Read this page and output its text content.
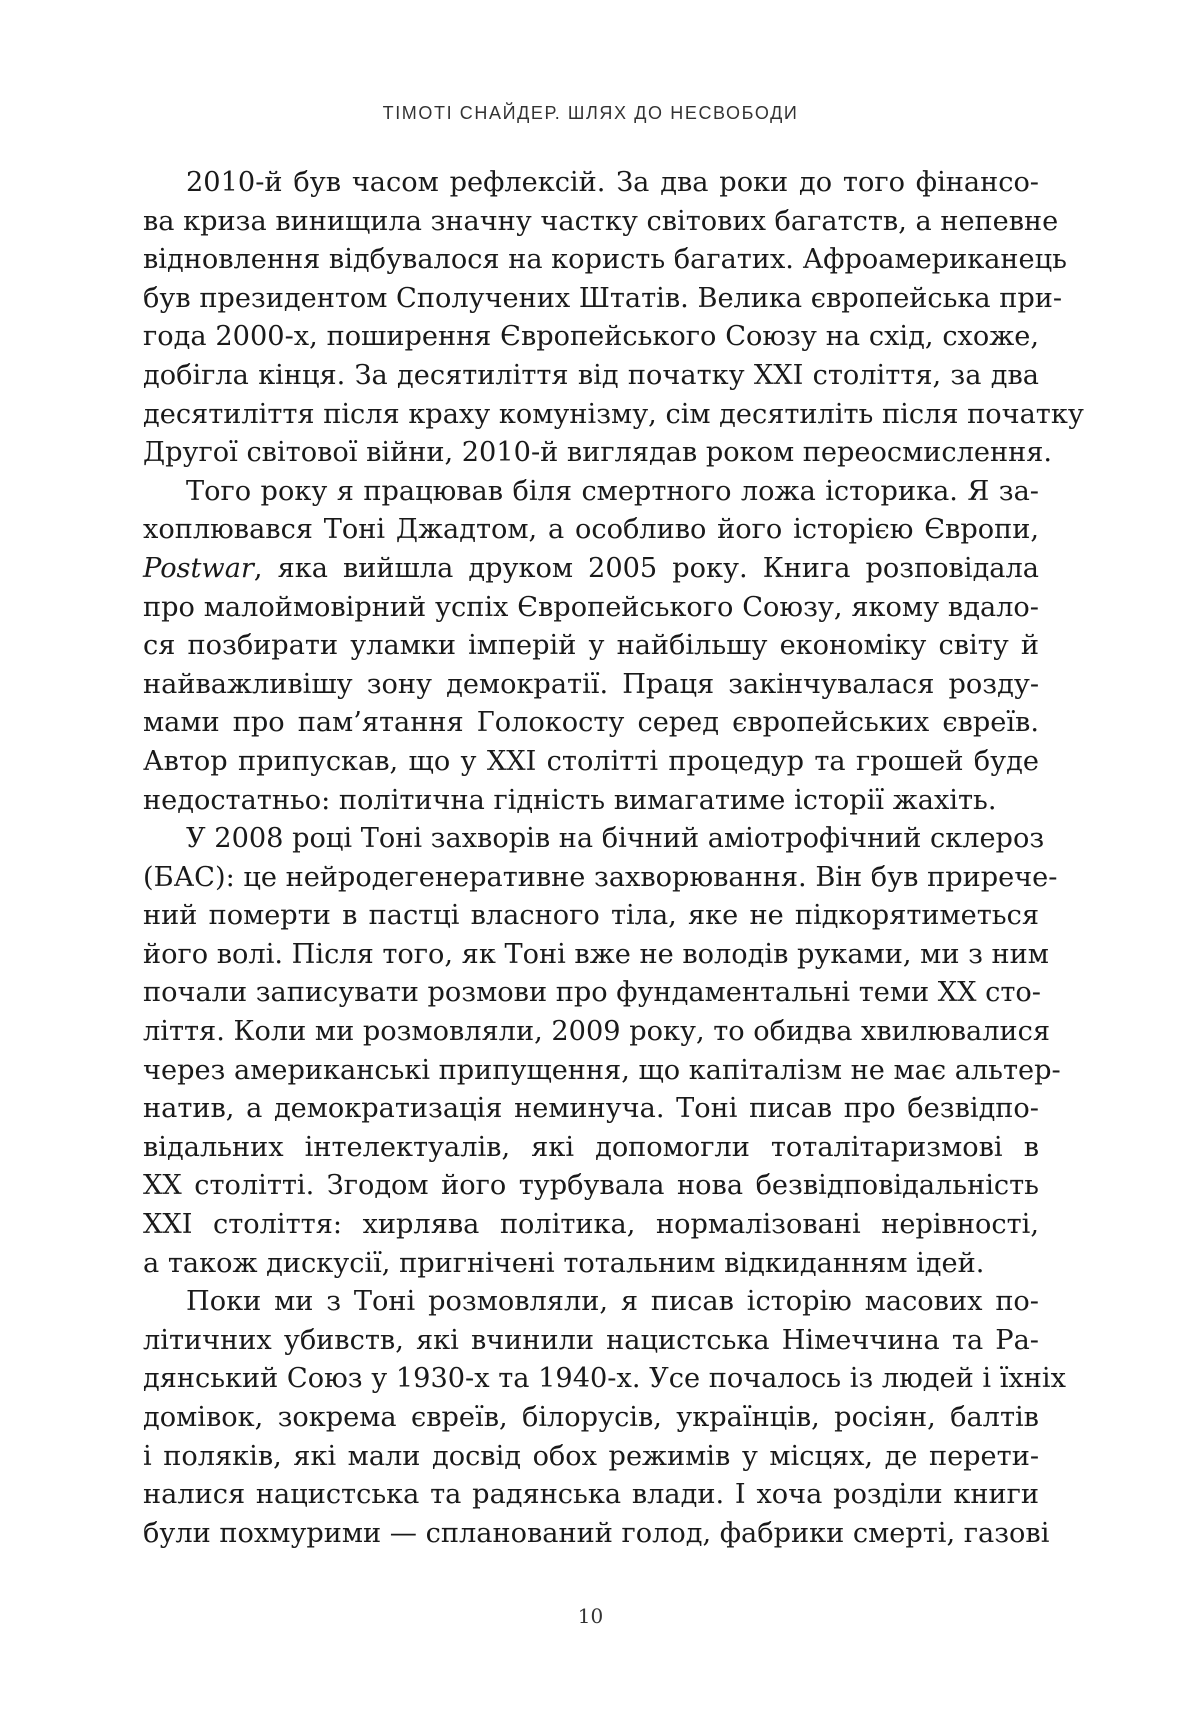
ТІМОТІ СНАЙДЕР. ШЛЯХ ДО НЕСВОБОДИ
2010-й був часом рефлексій. За два роки до того фінансо-
ва криза винищила значну частку світових багатств, а непевне
відновлення відбувалося на користь багатих. Афроамериканець
був президентом Сполучених Штатів. Велика європейська при-
года 2000-х, поширення Європейського Союзу на схід, схоже,
добігла кінця. За десятиліття від початку XXI століття, за два
десятиліття після краху комунізму, сім десятиліть після початку
Другої світової війни, 2010-й виглядав роком переосмислення.
Того року я працював біля смертного ложа історика. Я за-
хоплювався Тоні Джадтом, а особливо його історією Європи,
Postwar, яка вийшла друком 2005 року. Книга розповідала
про малоймовірний успіх Європейського Союзу, якому вдало-
ся позбирати уламки імперій у найбільшу економіку світу й
найважливішу зону демократії. Праця закінчувалася розду-
мами про пам’ятання Голокосту серед європейських євреїв.
Автор припускав, що у XXI столітті процедур та грошей буде
недостатньо: політична гідність вимагатиме історії жахіть.
У 2008 році Тоні захворів на бічний аміотрофічний склероз
(БАС): це нейродегенеративне захворювання. Він був прирече-
ний померти в пастці власного тіла, яке не підкорятиметься
його волі. Після того, як Тоні вже не володів руками, ми з ним
почали записувати розмови про фундаментальні теми XX сто-
ліття. Коли ми розмовляли, 2009 року, то обидва хвилювалися
через американські припущення, що капіталізм не має альтер-
натив, а демократизація неминуча. Тоні писав про безвідпо-
відальних інтелектуалів, які допомогли тоталітаризмові в
XX столітті. Згодом його турбувала нова безвідповідальність
XXI століття: хирлява політика, нормалізовані нерівності,
а також дискусії, пригнічені тотальним відкиданням ідей.
Поки ми з Тоні розмовляли, я писав історію масових по-
літичних убивств, які вчинили нацистська Німеччина та Ра-
дянський Союз у 1930-х та 1940-х. Усе почалось із людей і їхніх
домівок, зокрема євреїв, білорусів, українців, росіян, балтів
і поляків, які мали досвід обох режимів у місцях, де перети-
налися нацистська та радянська влади. І хоча розділи книги
були похмурими — спланований голод, фабрики смерті, газові
10
